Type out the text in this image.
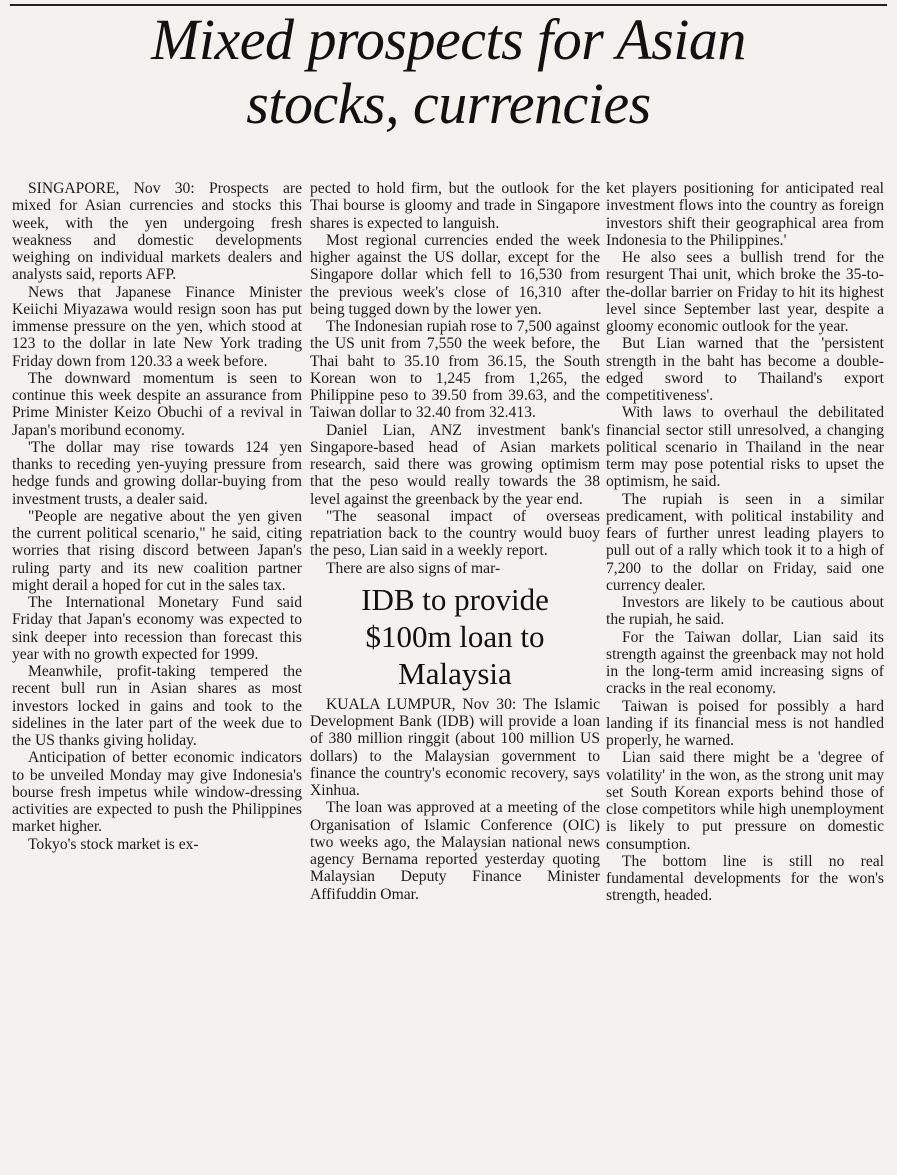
Mixed prospects for Asian
stocks, currencies

SINGAPORE, Nov 30: Prospects are mixed for Asian currencies and stocks this week, with the yen undergoing fresh weakness and domestic developments weighing on individual markets dealers and analysts said, reports AFP.

News that Japanese Finance Minister Keiichi Miyazawa would resign soon has put immense pressure on the yen, which stood at 123 to the dollar in late New York trading Friday down from 120.33 a week before.

The downward momentum is seen to continue this week despite an assurance from Prime Minister Keizo Obuchi of a revival in Japan's moribund economy.

'The dollar may rise towards 124 yen thanks to receding yen-yuying pressure from hedge funds and growing dollar-buying from investment trusts, a dealer said.

"People are negative about the yen given the current political scenario," he said, citing worries that rising discord between Japan's ruling party and its new coalition partner might derail a hoped for cut in the sales tax.

The International Monetary Fund said Friday that Japan's economy was expected to sink deeper into recession than forecast this year with no growth expected for 1999.

Meanwhile, profit-taking tempered the recent bull run in Asian shares as most investors locked in gains and took to the sidelines in the later part of the week due to the US thanks giving holiday.

Anticipation of better economic indicators to be unveiled Monday may give Indonesia's bourse fresh impetus while window-dressing activities are expected to push the Philippines market higher.

Tokyo's stock market is ex-

pected to hold firm, but the outlook for the Thai bourse is gloomy and trade in Singapore shares is expected to languish.

Most regional currencies ended the week higher against the US dollar, except for the Singapore dollar which fell to 16,530 from the previous week's close of 16,310 after being tugged down by the lower yen.

The Indonesian rupiah rose to 7,500 against the US unit from 7,550 the week before, the Thai baht to 35.10 from 36.15, the South Korean won to 1,245 from 1,265, the Philippine peso to 39.50 from 39.63, and the Taiwan dollar to 32.40 from 32.413.

Daniel Lian, ANZ investment bank's Singapore-based head of Asian markets research, said there was growing optimism that the peso would really towards the 38 level against the greenback by the year end.

"The seasonal impact of overseas repatriation back to the country would buoy the peso, Lian said in a weekly report.

There are also signs of mar-

IDB to provide
$100m loan to
Malaysia

KUALA LUMPUR, Nov 30: The Islamic Development Bank (IDB) will provide a loan of 380 million ringgit (about 100 million US dollars) to the Malaysian government to finance the country's economic recovery, says Xinhua.

The loan was approved at a meeting of the Organisation of Islamic Conference (OIC) two weeks ago, the Malaysian national news agency Bernama reported yesterday quoting Malaysian Deputy Finance Minister Affifuddin Omar.

ket players positioning for anticipated real investment flows into the country as foreign investors shift their geographical area from Indonesia to the Philippines.'

He also sees a bullish trend for the resurgent Thai unit, which broke the 35-to-the-dollar barrier on Friday to hit its highest level since September last year, despite a gloomy economic outlook for the year.

But Lian warned that the 'persistent strength in the baht has become a double-edged sword to Thailand's export competitiveness'.

With laws to overhaul the debilitated financial sector still unresolved, a changing political scenario in Thailand in the near term may pose potential risks to upset the optimism, he said.

The rupiah is seen in a similar predicament, with political instability and fears of further unrest leading players to pull out of a rally which took it to a high of 7,200 to the dollar on Friday, said one currency dealer.

Investors are likely to be cautious about the rupiah, he said.

For the Taiwan dollar, Lian said its strength against the greenback may not hold in the long-term amid increasing signs of cracks in the real economy.

Taiwan is poised for possibly a hard landing if its financial mess is not handled properly, he warned.

Lian said there might be a 'degree of volatility' in the won, as the strong unit may set South Korean exports behind those of close competitors while high unemployment is likely to put pressure on domestic consumption.

The bottom line is still no real fundamental developments for the won's strength, headed.
